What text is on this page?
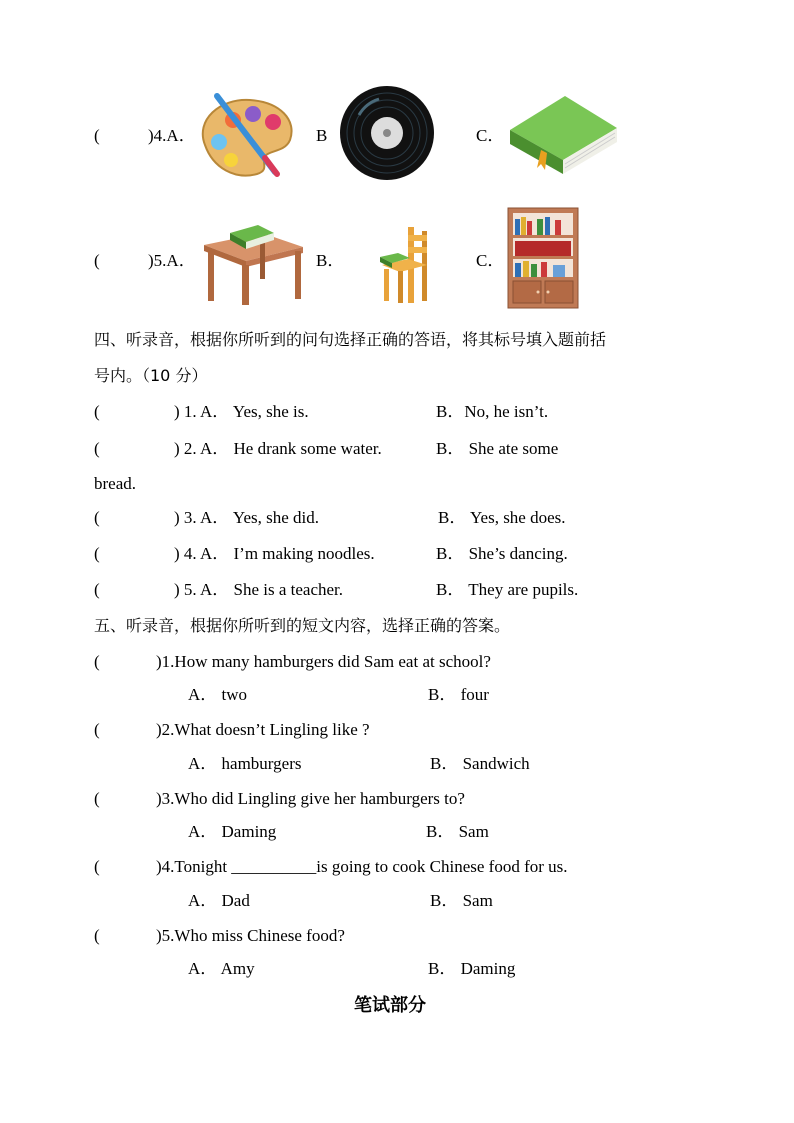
(	)4.A．	B	C．
(	)5.A．	B．	C．
四、听录音，根据你所听到的问句选择正确的答语，将其标号填入题前括
号内。（10 分）
(	) 1. A． Yes, she is.	B．No, he isn’t.
(	) 2. A． He drank some water.	B． She ate some
bread.
(	) 3. A． Yes, she did.	B． Yes, she does.
(	) 4. A． I’m making noodles.	B． She’s dancing.
(	) 5. A． She is a teacher.	B． They are pupils.
五、听录音，根据你所听到的短文内容，选择正确的答案。
(	)1.How many hamburgers did Sam eat at school?
A． two	B． four
(	)2.What doesn’t Lingling like ?
A． hamburgers	B． Sandwich
(	)3.Who did Lingling give her hamburgers to?
A． Daming	B． Sam
(	)4.Tonight __________is going to cook Chinese food for us.
A． Dad	B． Sam
(	)5.Who miss Chinese food?
A． Amy	B． Daming
笔试部分
